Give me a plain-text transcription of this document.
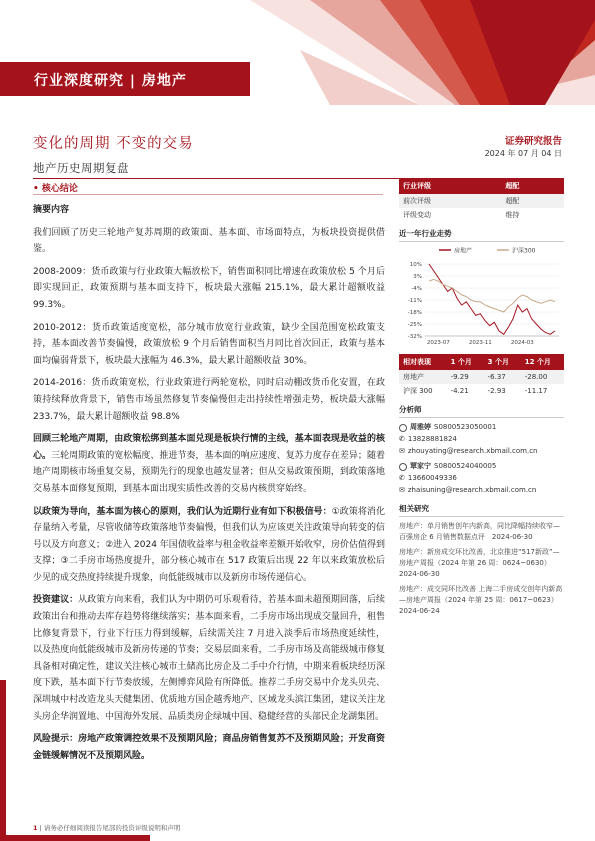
行业深度研究 | 房地产
变化的周期 不变的交易
地产历史周期复盘
证券研究报告
2024 年 07 月 04 日
• 核心结论

摘要内容

我们回顾了历史三轮地产复苏周期的政策面、基本面、市场面特点，为板块投资提供借鉴。

2008-2009：货币政策与行业政策大幅放松下，销售面积同比增速在政策放松 5 个月后即实现回正，政策预期与基本面支持下，板块最大涨幅 215.1%，最大累计超额收益 99.3%。

2010-2012：货币政策适度宽松，部分城市放宽行业政策，缺少全国范围宽松政策支持，基本面改善节奏偏慢，政策放松 9 个月后销售面积当月同比首次回正，政策与基本面均偏弱背景下，板块最大涨幅为 46.3%，最大累计超额收益 30%。

2014-2016：货币政策宽松，行业政策进行两轮宽松，同时启动棚改货币化安置，在政策持续释放背景下，销售市场虽然修复节奏偏慢但走出持续性增强走势，板块最大涨幅 233.7%，最大累计超额收益 98.8%

回顾三轮地产周期，由政策松绑到基本面兑现是板块行情的主线，基本面表现是收益的核心。三轮周期政策的宽松幅度、推进节奏，基本面的响应速度、复苏力度存在差异；随着地产周期核市场重复交易，预期先行的现象也越发显著；但从交易政策预期，到政策落地交易基本面修复预期，到基本面出现实质性改善的交易内核贯穿始终。

以政策为导向，基本面为核心的原则，我们认为近期行业有如下积极信号：①政策将消化存量纳入考量，尽管收储等政策落地节奏偏慢，但我们认为应该更关注政策导向转变的信号以及方向意义；②进入 2024 年国债收益率与租金收益率差额开始收窄，房价估值得到支撑；③二手房市场热度提升，部分核心城市在 517 政策后出现 22 年以来政策放松后少见的成交热度持续提升现象，向低能级城市以及新房市场传递信心。

投资建议：从政策方向来看，我们认为中期仍可乐观看待，若基本面未超预期回落，后续政策出台和推动去库存趋势将继续落实；基本面来看，二手房市场出现成交量回升，租售比修复背景下，行业下行压力得到缓解，后续需关注 7 月进入淡季后市场热度延续性，以及热度向低能级城市及新房传递的节奏；交易层面来看，二手房市场及高能级城市修复具备相对确定性，建议关注核心城市土储高比房企及二手中介行情，中期来看板块经历深度下跌，基本面下行节奏放缓，左侧博弈风险有所降低。推荐二手房交易中介龙头贝壳、深圳城中村改造龙头天健集团、优质地方国企越秀地产、区域龙头滨江集团，建议关注龙头房企华润置地、中国海外发展、品质类房企绿城中国、稳健经营的头部民企龙湖集团。

风险提示：房地产政策调控效果不及预期风险；商品房销售复苏不及预期风险；开发商资金链缓解情况不及预期风险。

行业评级	超配
前次评级	超配
评级变动	维持
近一年行业走势
房地产	沪深300
10%
3%
-4%
-11%
-18%
-25%
-32%
2023-07	2023-11	2024-03
相对表现	1 个月	3 个月	12 个月
房地产	-9.29	-6.37	-28.00
沪深 300	-4.21	-2.93	-11.17
分析师
周雅婷 S0800523050001
✆ 13828881824
✉ zhouyating@research.xbmail.com.cn
覃家宁 S0800524040005
✆ 13660049336
✉ zhaisuning@research.xbmail.com.cn
相关研究
房地产：单月销售创年内新高，同比降幅持续收窄—百强房企 6 月销售数据点评　2024-06-30
房地产：新房成交环比改善，北京推进“517新政”—房地产周报（2024 年第 26 周：0624~0630）　2024-06-30
房地产：成交同环比改善 上海二手房成交创年内新高—房地产周报（2024 年第 25 周：0617~0623）　2024-06-24
1 | 请务必仔细阅读报告尾部的投资评级说明和声明
